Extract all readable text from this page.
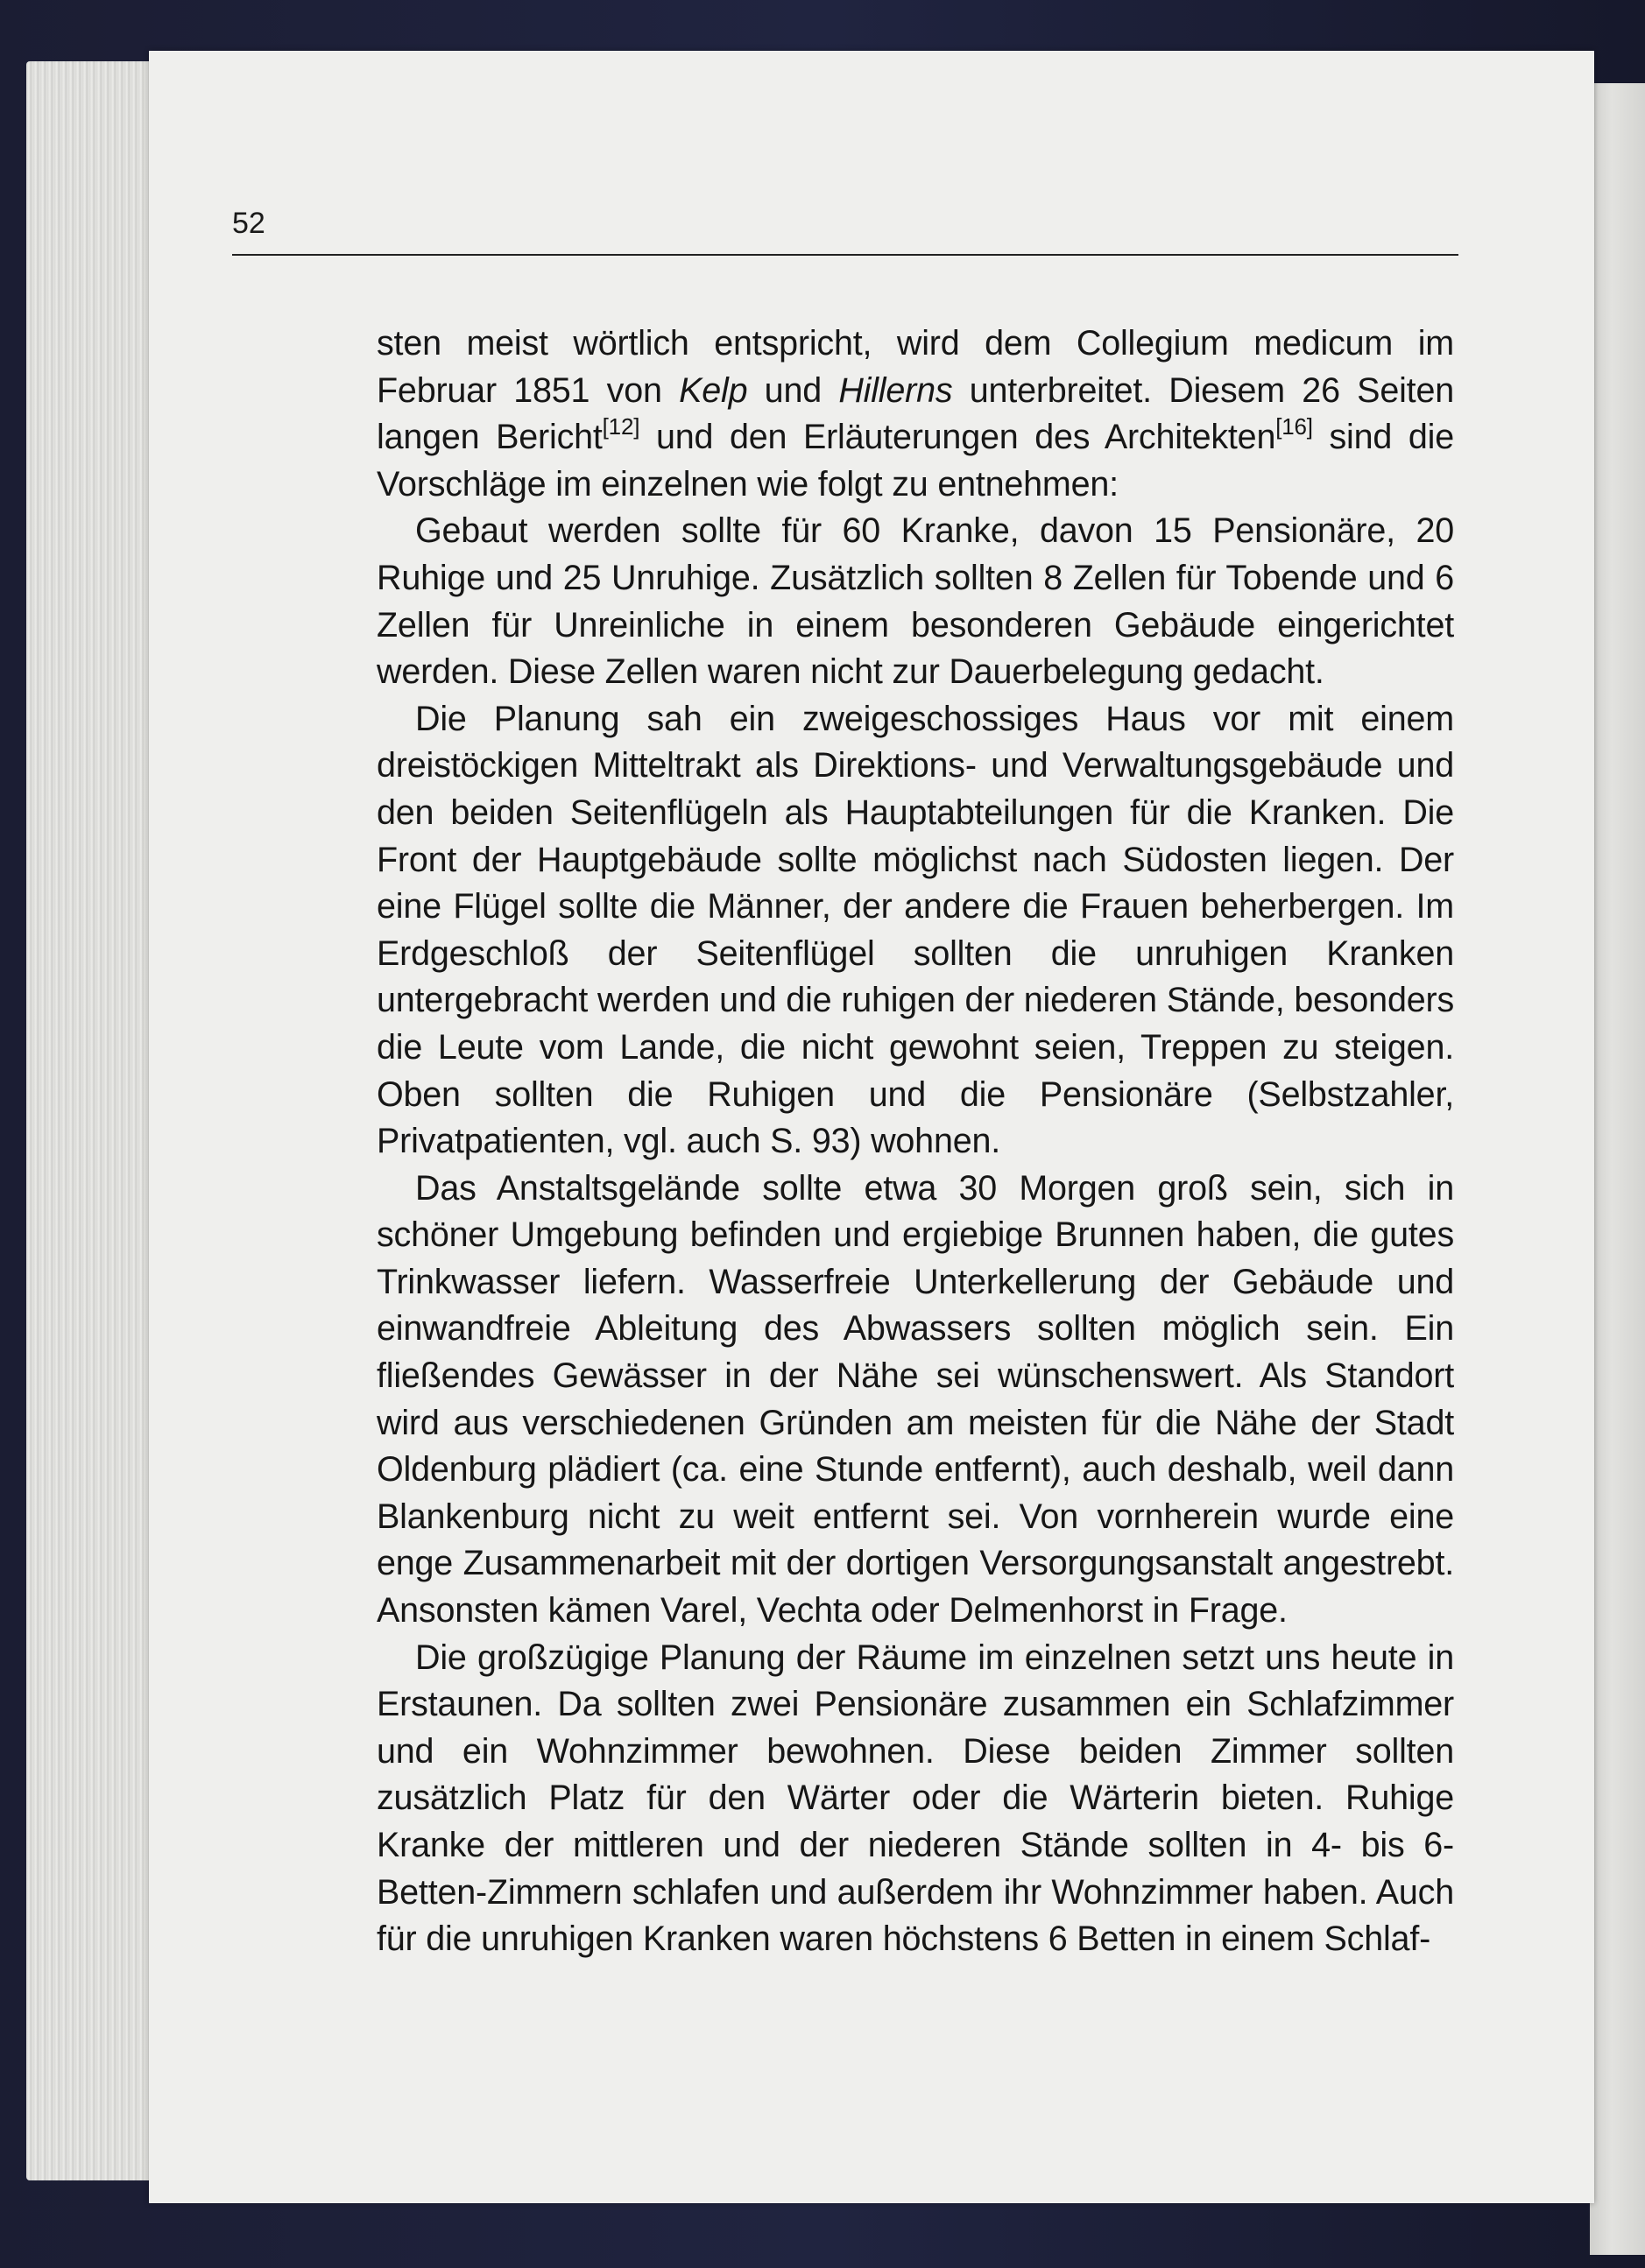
52

sten meist wörtlich entspricht, wird dem Collegium medicum im Februar 1851 von Kelp und Hillerns unterbreitet. Diesem 26 Seiten langen Bericht[12] und den Erläuterungen des Architekten[16] sind die Vorschläge im einzelnen wie folgt zu entnehmen:

Gebaut werden sollte für 60 Kranke, davon 15 Pensionäre, 20 Ruhige und 25 Unruhige. Zusätzlich sollten 8 Zellen für Tobende und 6 Zellen für Unreinliche in einem besonderen Gebäude eingerichtet werden. Diese Zellen waren nicht zur Dauerbelegung gedacht.

Die Planung sah ein zweigeschossiges Haus vor mit einem dreistöckigen Mitteltrakt als Direktions- und Verwaltungsgebäude und den beiden Seitenflügeln als Hauptabteilungen für die Kranken. Die Front der Hauptgebäude sollte möglichst nach Südosten liegen. Der eine Flügel sollte die Männer, der andere die Frauen beherbergen. Im Erdgeschloß der Seitenflügel sollten die unruhigen Kranken untergebracht werden und die ruhigen der niederen Stände, besonders die Leute vom Lande, die nicht gewohnt seien, Treppen zu steigen. Oben sollten die Ruhigen und die Pensionäre (Selbstzahler, Privatpatienten, vgl. auch S. 93) wohnen.

Das Anstaltsgelände sollte etwa 30 Morgen groß sein, sich in schöner Umgebung befinden und ergiebige Brunnen haben, die gutes Trinkwasser liefern. Wasserfreie Unterkellerung der Gebäude und einwandfreie Ableitung des Abwassers sollten möglich sein. Ein fließendes Gewässer in der Nähe sei wünschenswert. Als Standort wird aus verschiedenen Gründen am meisten für die Nähe der Stadt Oldenburg plädiert (ca. eine Stunde entfernt), auch deshalb, weil dann Blankenburg nicht zu weit entfernt sei. Von vornherein wurde eine enge Zusammenarbeit mit der dortigen Versorgungsanstalt angestrebt. Ansonsten kämen Varel, Vechta oder Delmenhorst in Frage.

Die großzügige Planung der Räume im einzelnen setzt uns heute in Erstaunen. Da sollten zwei Pensionäre zusammen ein Schlafzimmer und ein Wohnzimmer bewohnen. Diese beiden Zimmer sollten zusätzlich Platz für den Wärter oder die Wärterin bieten. Ruhige Kranke der mittleren und der niederen Stände sollten in 4- bis 6-Betten-Zimmern schlafen und außerdem ihr Wohnzimmer haben. Auch für die unruhigen Kranken waren höchstens 6 Betten in einem Schlaf-
